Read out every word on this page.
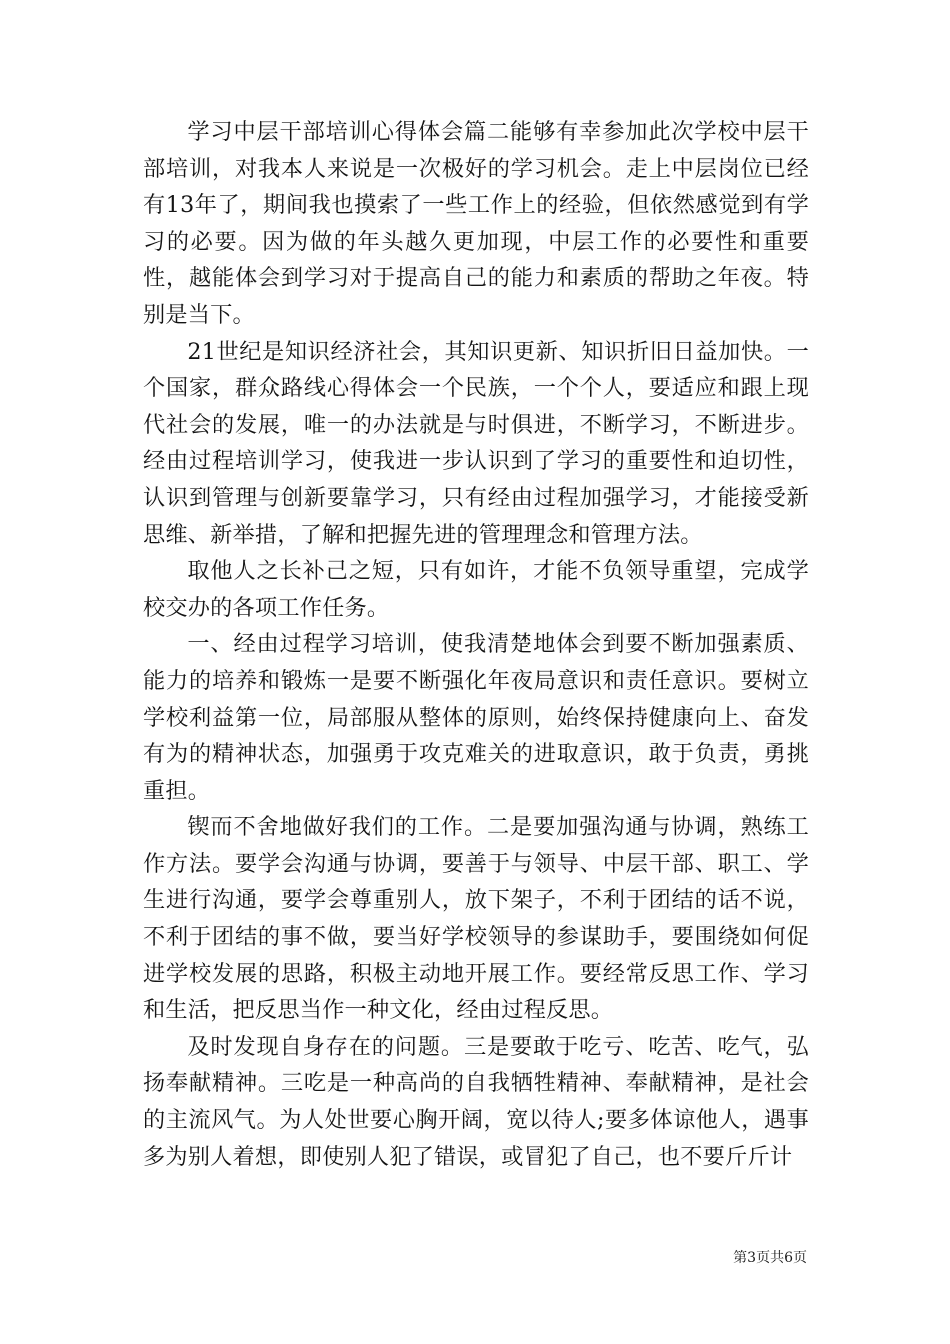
学习中层干部培训心得体会篇二能够有幸参加此次学校中层干部培训，对我本人来说是一次极好的学习机会。走上中层岗位已经有13年了，期间我也摸索了一些工作上的经验，但依然感觉到有学习的必要。因为做的年头越久更加现，中层工作的必要性和重要性，越能体会到学习对于提高自己的能力和素质的帮助之年夜。特别是当下。

21世纪是知识经济社会，其知识更新、知识折旧日益加快。一个国家，群众路线心得体会一个民族，一个个人，要适应和跟上现代社会的发展，唯一的办法就是与时俱进，不断学习，不断进步。经由过程培训学习，使我进一步认识到了学习的重要性和迫切性，认识到管理与创新要靠学习，只有经由过程加强学习，才能接受新思维、新举措，了解和把握先进的管理理念和管理方法。

取他人之长补己之短，只有如许，才能不负领导重望，完成学校交办的各项工作任务。

一、经由过程学习培训，使我清楚地体会到要不断加强素质、能力的培养和锻炼一是要不断强化年夜局意识和责任意识。要树立学校利益第一位，局部服从整体的原则，始终保持健康向上、奋发有为的精神状态，加强勇于攻克难关的进取意识，敢于负责，勇挑重担。

锲而不舍地做好我们的工作。二是要加强沟通与协调，熟练工作方法。要学会沟通与协调，要善于与领导、中层干部、职工、学生进行沟通，要学会尊重别人，放下架子，不利于团结的话不说，不利于团结的事不做，要当好学校领导的参谋助手，要围绕如何促进学校发展的思路，积极主动地开展工作。要经常反思工作、学习和生活，把反思当作一种文化，经由过程反思。

及时发现自身存在的问题。三是要敢于吃亏、吃苦、吃气，弘扬奉献精神。三吃是一种高尚的自我牺牲精神、奉献精神，是社会的主流风气。为人处世要心胸开阔，宽以待人;要多体谅他人，遇事多为别人着想，即使别人犯了错误，或冒犯了自己，也不要斤斤计

第3页共6页
